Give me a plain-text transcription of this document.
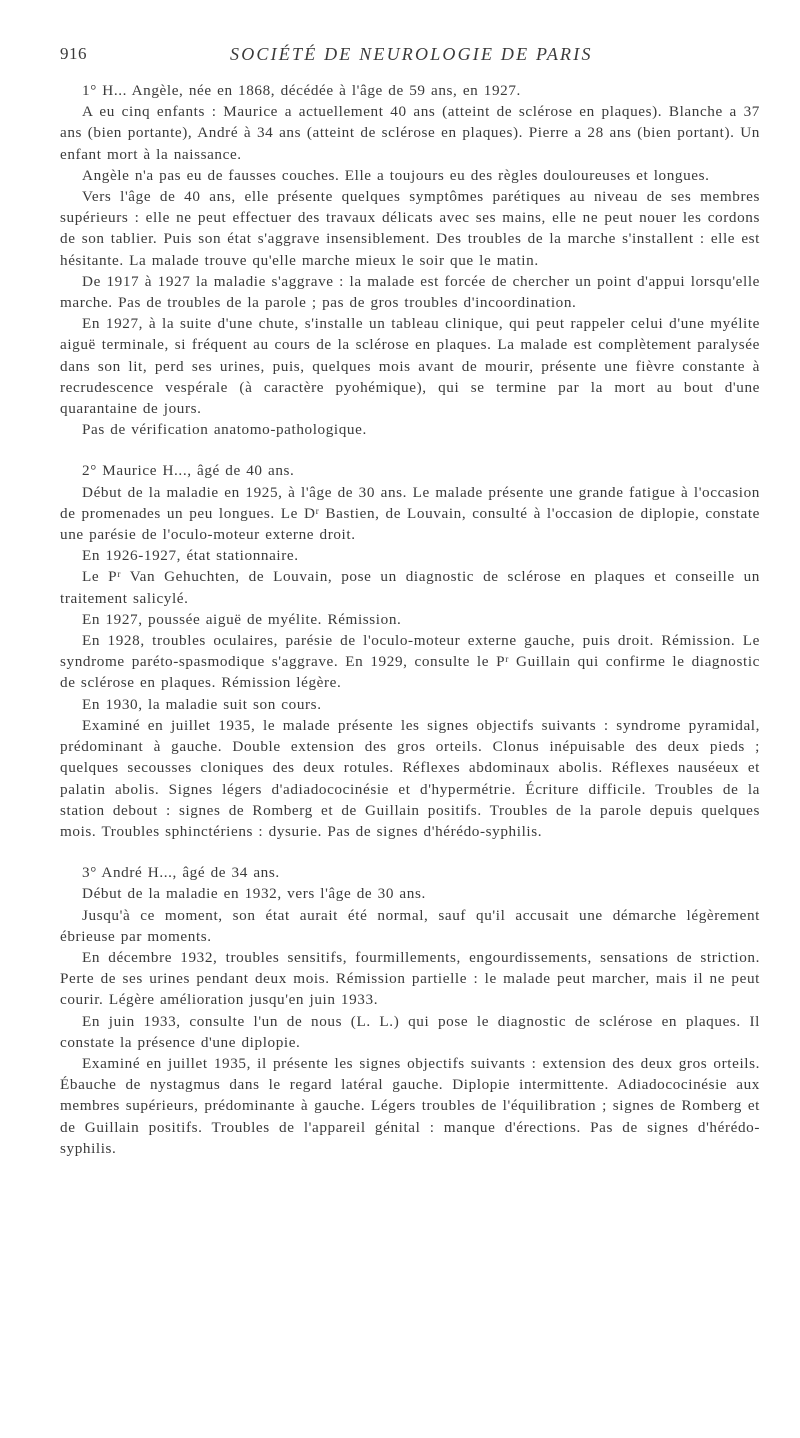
916	SOCIÉTÉ DE NEUROLOGIE DE PARIS

1° H... Angèle, née en 1868, décédée à l'âge de 59 ans, en 1927.

A eu cinq enfants : Maurice a actuellement 40 ans (atteint de sclérose en plaques). Blanche a 37 ans (bien portante), André à 34 ans (atteint de sclérose en plaques). Pierre a 28 ans (bien portant). Un enfant mort à la naissance.

Angèle n'a pas eu de fausses couches. Elle a toujours eu des règles douloureuses et longues.

Vers l'âge de 40 ans, elle présente quelques symptômes parétiques au niveau de ses membres supérieurs : elle ne peut effectuer des travaux délicats avec ses mains, elle ne peut nouer les cordons de son tablier. Puis son état s'aggrave insensiblement. Des troubles de la marche s'installent : elle est hésitante. La malade trouve qu'elle marche mieux le soir que le matin.

De 1917 à 1927 la maladie s'aggrave : la malade est forcée de chercher un point d'appui lorsqu'elle marche. Pas de troubles de la parole ; pas de gros troubles d'incoordination.

En 1927, à la suite d'une chute, s'installe un tableau clinique, qui peut rappeler celui d'une myélite aiguë terminale, si fréquent au cours de la sclérose en plaques. La malade est complètement paralysée dans son lit, perd ses urines, puis, quelques mois avant de mourir, présente une fièvre constante à recrudescence vespérale (à caractère pyohémique), qui se termine par la mort au bout d'une quarantaine de jours.

Pas de vérification anatomo-pathologique.

2° Maurice H..., âgé de 40 ans.

Début de la maladie en 1925, à l'âge de 30 ans. Le malade présente une grande fatigue à l'occasion de promenades un peu longues. Le Dʳ Bastien, de Louvain, consulté à l'occasion de diplopie, constate une parésie de l'oculo-moteur externe droit.

En 1926-1927, état stationnaire.

Le Pʳ Van Gehuchten, de Louvain, pose un diagnostic de sclérose en plaques et conseille un traitement salicylé.

En 1927, poussée aiguë de myélite. Rémission.

En 1928, troubles oculaires, parésie de l'oculo-moteur externe gauche, puis droit. Rémission. Le syndrome paréto-spasmodique s'aggrave. En 1929, consulte le Pʳ Guillain qui confirme le diagnostic de sclérose en plaques. Rémission légère.

En 1930, la maladie suit son cours.

Examiné en juillet 1935, le malade présente les signes objectifs suivants : syndrome pyramidal, prédominant à gauche. Double extension des gros orteils. Clonus inépuisable des deux pieds ; quelques secousses cloniques des deux rotules. Réflexes abdominaux abolis. Réflexes nauséeux et palatin abolis. Signes légers d'adiadococinésie et d'hypermétrie. Écriture difficile. Troubles de la station debout : signes de Romberg et de Guillain positifs. Troubles de la parole depuis quelques mois. Troubles sphinctériens : dysurie. Pas de signes d'hérédo-syphilis.

3° André H..., âgé de 34 ans.

Début de la maladie en 1932, vers l'âge de 30 ans.

Jusqu'à ce moment, son état aurait été normal, sauf qu'il accusait une démarche légèrement ébrieuse par moments.

En décembre 1932, troubles sensitifs, fourmillements, engourdissements, sensations de striction. Perte de ses urines pendant deux mois. Rémission partielle : le malade peut marcher, mais il ne peut courir. Légère amélioration jusqu'en juin 1933.

En juin 1933, consulte l'un de nous (L. L.) qui pose le diagnostic de sclérose en plaques. Il constate la présence d'une diplopie.

Examiné en juillet 1935, il présente les signes objectifs suivants : extension des deux gros orteils. Ébauche de nystagmus dans le regard latéral gauche. Diplopie intermittente. Adiadococinésie aux membres supérieurs, prédominante à gauche. Légers troubles de l'équilibration ; signes de Romberg et de Guillain positifs. Troubles de l'appareil génital : manque d'érections. Pas de signes d'hérédo-syphilis.
